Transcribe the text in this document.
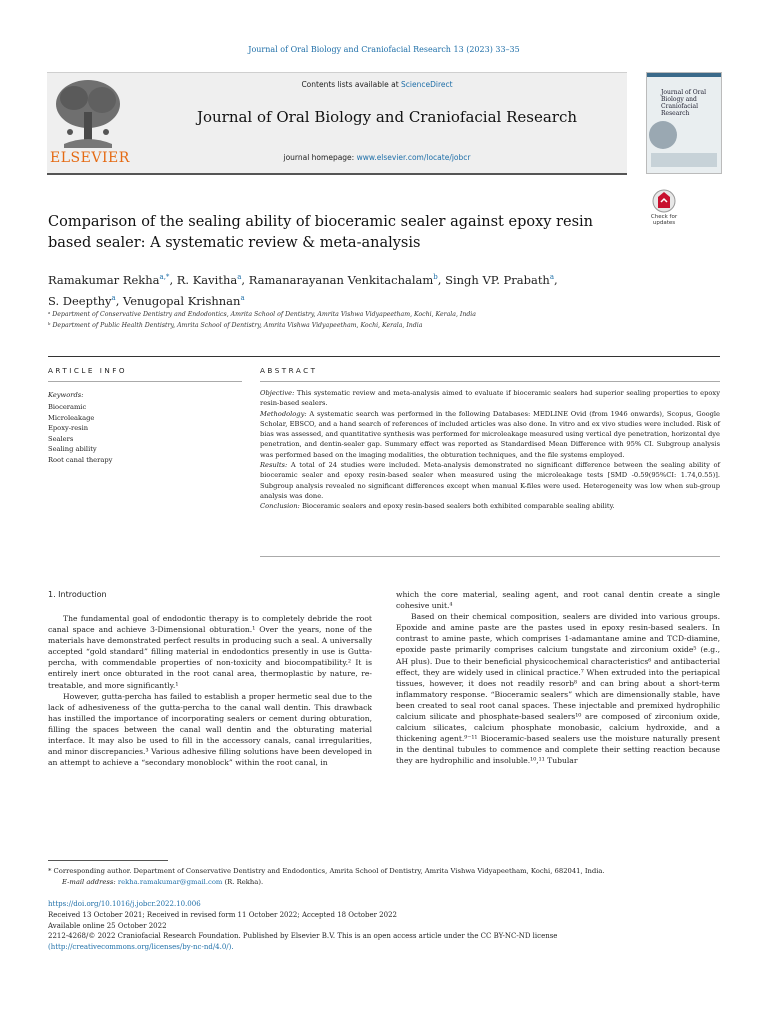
Journal of Oral Biology and Craniofacial Research 13 (2023) 33–35
ELSEVIER
Contents lists available at ScienceDirect
Journal of Oral Biology and Craniofacial Research
journal homepage: www.elsevier.com/locate/jobcr
Journal of Oral Biology and Craniofacial Research
Check for updates
Comparison of the sealing ability of bioceramic sealer against epoxy resin
based sealer: A systematic review & meta-analysis
Ramakumar Rekha$^{a,*}$, R. Kavitha$^a$, Ramanarayanan Venkitachalam$^b$, Singh VP. Prabath$^a$,
S. Deepthy$^a$, Venugopal Krishnan$^a$
ᵃ Department of Conservative Dentistry and Endodontics, Amrita School of Dentistry, Amrita Vishwa Vidyapeetham, Kochi, Kerala, India
ᵇ Department of Public Health Dentistry, Amrita School of Dentistry, Amrita Vishwa Vidyapeetham, Kochi, Kerala, India
ARTICLE INFO	ABSTRACT
Keywords:
Bioceramic
Microleakage
Epoxy-resin
Sealers
Sealing ability
Root canal therapy
Objective: This systematic review and meta-analysis aimed to evaluate if bioceramic sealers had superior sealing properties to epoxy resin-based sealers.
Methodology: A systematic search was performed in the following Databases: MEDLINE Ovid (from 1946 onwards), Scopus, Google Scholar, EBSCO, and a hand search of references of included articles was also done. In vitro and ex vivo studies were included. Risk of bias was assessed, and quantitative synthesis was performed for microleakage measured using vertical dye penetration, horizontal dye penetration, and dentin-sealer gap. Summary effect was reported as Standardised Mean Difference with 95% CI. Subgroup analysis was performed based on the imaging modalities, the obturation techniques, and the file systems employed.
Results: A total of 24 studies were included. Meta-analysis demonstrated no significant difference between the sealing ability of bioceramic sealer and epoxy resin-based sealer when measured using the microleakage tests [SMD -0.59(95%CI: 1.74,0.55)]. Subgroup analysis revealed no significant differences except when manual K-files were used. Heterogeneity was low when sub-group analysis was done.
Conclusion: Bioceramic sealers and epoxy resin-based sealers both exhibited comparable sealing ability.
1. Introduction

The fundamental goal of endodontic therapy is to completely debride the root canal space and achieve 3-Dimensional obturation.¹ Over the years, none of the materials have demonstrated perfect results in producing such a seal. A universally accepted “gold standard” filling material in endodontics presently in use is Gutta-percha, with commendable properties of non-toxicity and biocompatibility.² It is entirely inert once obturated in the root canal area, thermoplastic by nature, re-treatable, and more significantly.¹

However, gutta-percha has failed to establish a proper hermetic seal due to the lack of adhesiveness of the gutta-percha to the canal wall dentin. This drawback has instilled the importance of incorporating sealers or cement during obturation, filling the spaces between the canal wall dentin and the obturating material interface. It may also be used to fill in the accessory canals, canal irregularities, and minor discrepancies.³ Various adhesive filling solutions have been developed in an attempt to achieve a “secondary monoblock” within the root canal, in

which the core material, sealing agent, and root canal dentin create a single cohesive unit.⁴

Based on their chemical composition, sealers are divided into various groups. Epoxide and amine paste are the pastes used in epoxy resin-based sealers. In contrast to amine paste, which comprises 1-adamantane amine and TCD-diamine, epoxide paste primarily comprises calcium tungstate and zirconium oxide⁵ (e.g., AH plus). Due to their beneficial physicochemical characteristics⁶ and antibacterial effect, they are widely used in clinical practice.⁷ When extruded into the periapical tissues, however, it does not readily resorb⁸ and can bring about a short-term inflammatory response. “Bioceramic sealers” which are dimensionally stable, have been created to seal root canal spaces. These injectable and premixed hydrophilic calcium silicate and phosphate-based sealers¹⁰ are composed of zirconium oxide, calcium silicates, calcium phosphate monobasic, calcium hydroxide, and a thickening agent.⁹⁻¹¹ Bioceramic-based sealers use the moisture naturally present in the dentinal tubules to commence and complete their setting reaction because they are hydrophilic and insoluble.¹⁰,¹¹ Tubular

* Corresponding author. Department of Conservative Dentistry and Endodontics, Amrita School of Dentistry, Amrita Vishwa Vidyapeetham, Kochi, 682041, India.
E-mail address: rekha.ramakumar@gmail.com (R. Rekha).
https://doi.org/10.1016/j.jobcr.2022.10.006
Received 13 October 2021; Received in revised form 11 October 2022; Accepted 18 October 2022
Available online 25 October 2022
2212-4268/© 2022 Craniofacial Research Foundation. Published by Elsevier B.V. This is an open access article under the CC BY-NC-ND license
(http://creativecommons.org/licenses/by-nc-nd/4.0/).
